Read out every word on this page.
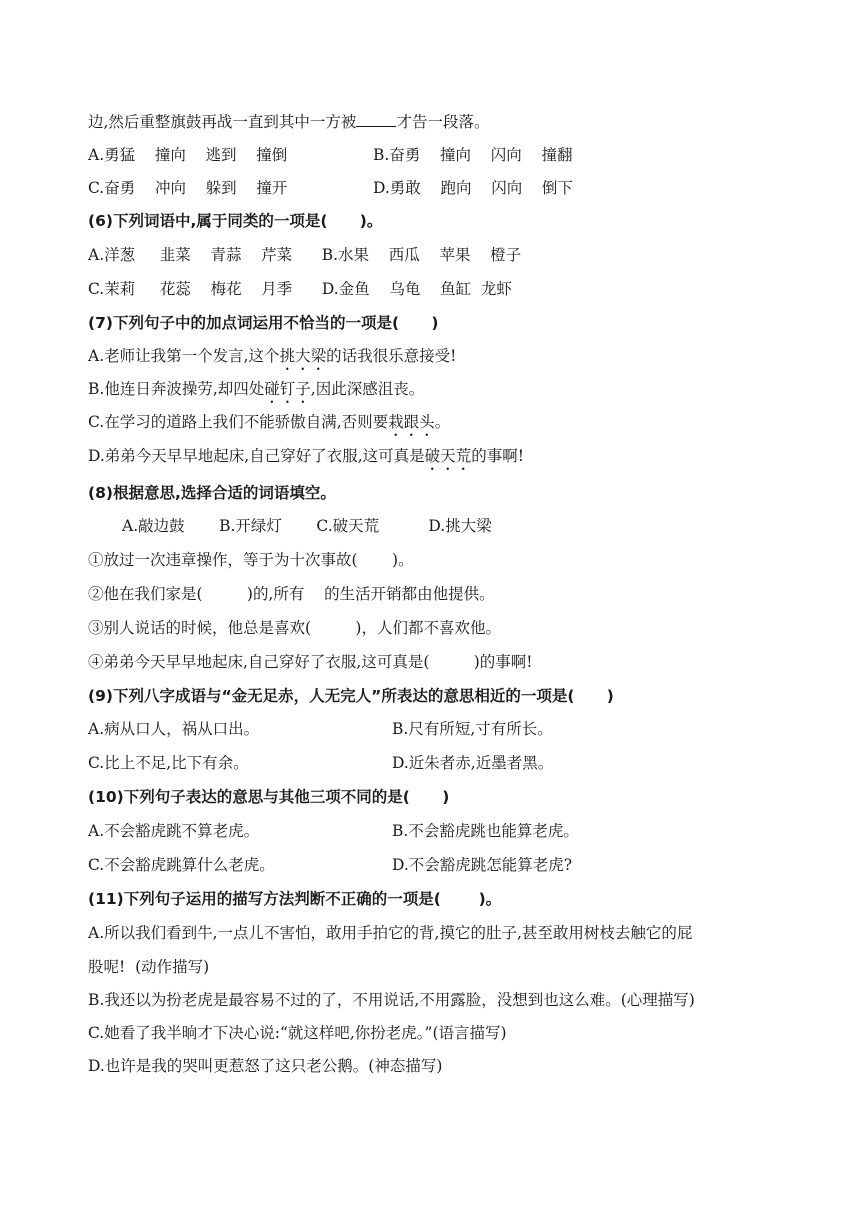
边,然后重整旗鼓再战一直到其中一方被	才告一段落。
A.勇猛    撞向    逃到    撞倒	B.奋勇    撞向    闪向    撞翻
C.奋勇    冲向    躲到    撞开	D.勇敢    跑向    闪向    倒下
(6)下列词语中,属于同类的一项是(      )。
A.洋葱     韭菜    青蒜    芹菜      B.水果    西瓜    苹果    橙子
C.茉莉     花蕊    梅花    月季      D.金鱼    乌龟    鱼缸  龙虾
(7)下列句子中的加点词运用不恰当的一项是(      )
A.老师让我第一个发言,这个挑大梁的话我很乐意接受!
B.他连日奔波操劳,却四处碰钉子,因此深感沮丧。
C.在学习的道路上我们不能骄傲自满,否则要栽跟头。
D.弟弟今天早早地起床,自己穿好了衣服,这可真是破天荒的事啊!
(8)根据意思,选择合适的词语填空。
A.敲边鼓       B.开绿灯       C.破天荒          D.挑大梁
①放过一次违章操作，等于为十次事故(       )。
②他在我们家是(         )的,所有    的生活开销都由他提供。
③别人说话的时候，他总是喜欢(         )，人们都不喜欢他。
④弟弟今天早早地起床,自己穿好了衣服,这可真是(         )的事啊!
(9)下列八字成语与“金无足赤，人无完人”所表达的意思相近的一项是(      )
A.病从口人，祸从口出。	B.尺有所短,寸有所长。
C.比上不足,比下有余。	D.近朱者赤,近墨者黑。
(10)下列句子表达的意思与其他三项不同的是(      )
A.不会豁虎跳不算老虎。	B.不会豁虎跳也能算老虎。
C.不会豁虎跳算什么老虎。	D.不会豁虎跳怎能算老虎?
(11)下列句子运用的描写方法判断不正确的一项是(       )。
A.所以我们看到牛,一点儿不害怕，敢用手拍它的背,摸它的肚子,甚至敢用树枝去触它的屁
股呢!  (动作描写)
B.我还以为扮老虎是最容易不过的了，不用说话,不用露脸，没想到也这么难。(心理描写)
C.她看了我半晌才下决心说:“就这样吧,你扮老虎。”(语言描写)
D.也许是我的哭叫更惹怒了这只老公鹅。(神态描写)
